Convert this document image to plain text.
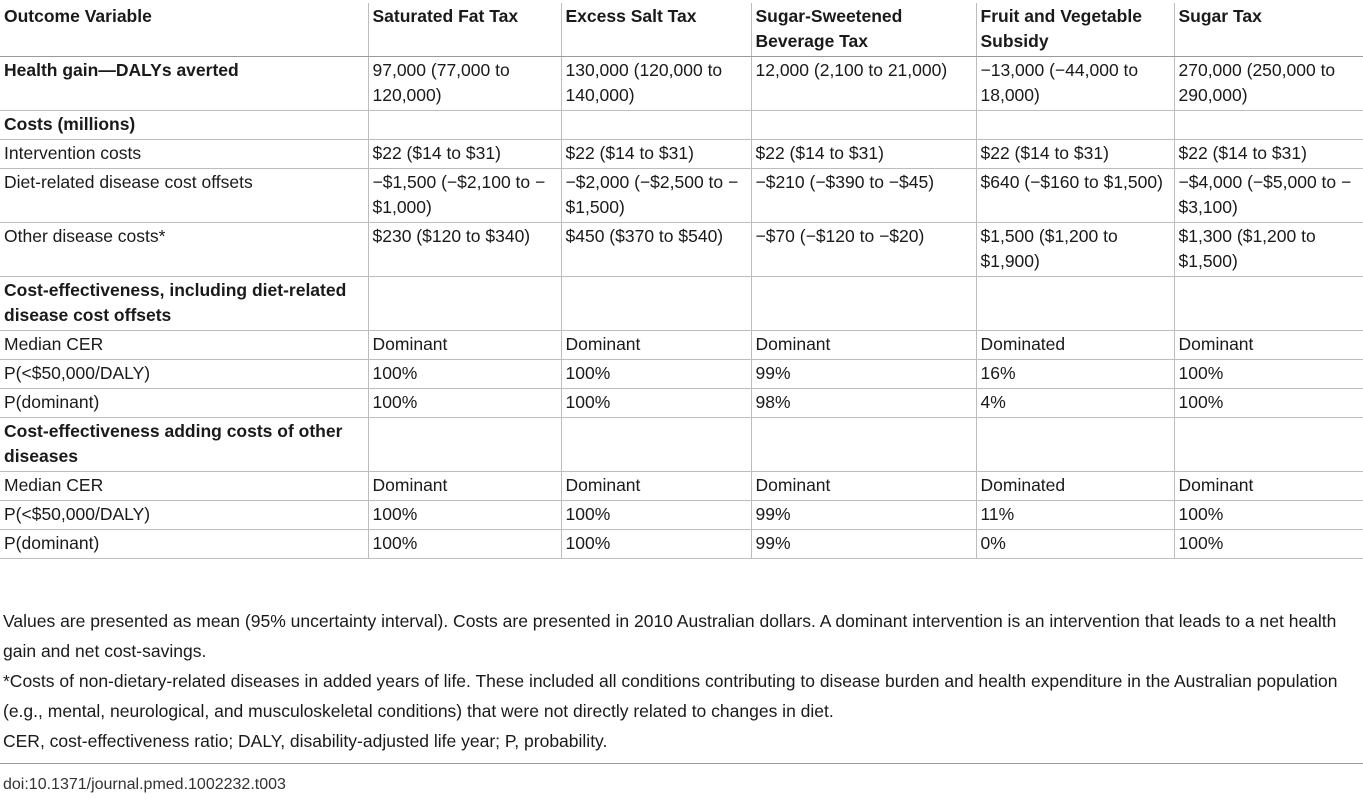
Outcome Variable	Saturated Fat Tax	Excess Salt Tax	Sugar-Sweetened Beverage Tax	Fruit and Vegetable Subsidy	Sugar Tax
Health gain—DALYs averted	97,000 (77,000 to 120,000)	130,000 (120,000 to 140,000)	12,000 (2,100 to 21,000)	−13,000 (−44,000 to 18,000)	270,000 (250,000 to 290,000)
Costs (millions)					
Intervention costs	$22 ($14 to $31)	$22 ($14 to $31)	$22 ($14 to $31)	$22 ($14 to $31)	$22 ($14 to $31)
Diet-related disease cost offsets	−$1,500 (−$2,100 to −$1,000)	−$2,000 (−$2,500 to −$1,500)	−$210 (−$390 to −$45)	$640 (−$160 to $1,500)	−$4,000 (−$5,000 to −$3,100)
Other disease costs*	$230 ($120 to $340)	$450 ($370 to $540)	−$70 (−$120 to −$20)	$1,500 ($1,200 to $1,900)	$1,300 ($1,200 to $1,500)
Cost-effectiveness, including diet-related disease cost offsets					
Median CER	Dominant	Dominant	Dominant	Dominated	Dominant
P(<$50,000/DALY)	100%	100%	99%	16%	100%
P(dominant)	100%	100%	98%	4%	100%
Cost-effectiveness adding costs of other diseases					
Median CER	Dominant	Dominant	Dominant	Dominated	Dominant
P(<$50,000/DALY)	100%	100%	99%	11%	100%
P(dominant)	100%	100%	99%	0%	100%

Values are presented as mean (95% uncertainty interval). Costs are presented in 2010 Australian dollars. A dominant intervention is an intervention that leads to a net health gain and net cost-savings.

*Costs of non-dietary-related diseases in added years of life. These included all conditions contributing to disease burden and health expenditure in the Australian population (e.g., mental, neurological, and musculoskeletal conditions) that were not directly related to changes in diet.

CER, cost-effectiveness ratio; DALY, disability-adjusted life year; P, probability.

doi:10.1371/journal.pmed.1002232.t003
